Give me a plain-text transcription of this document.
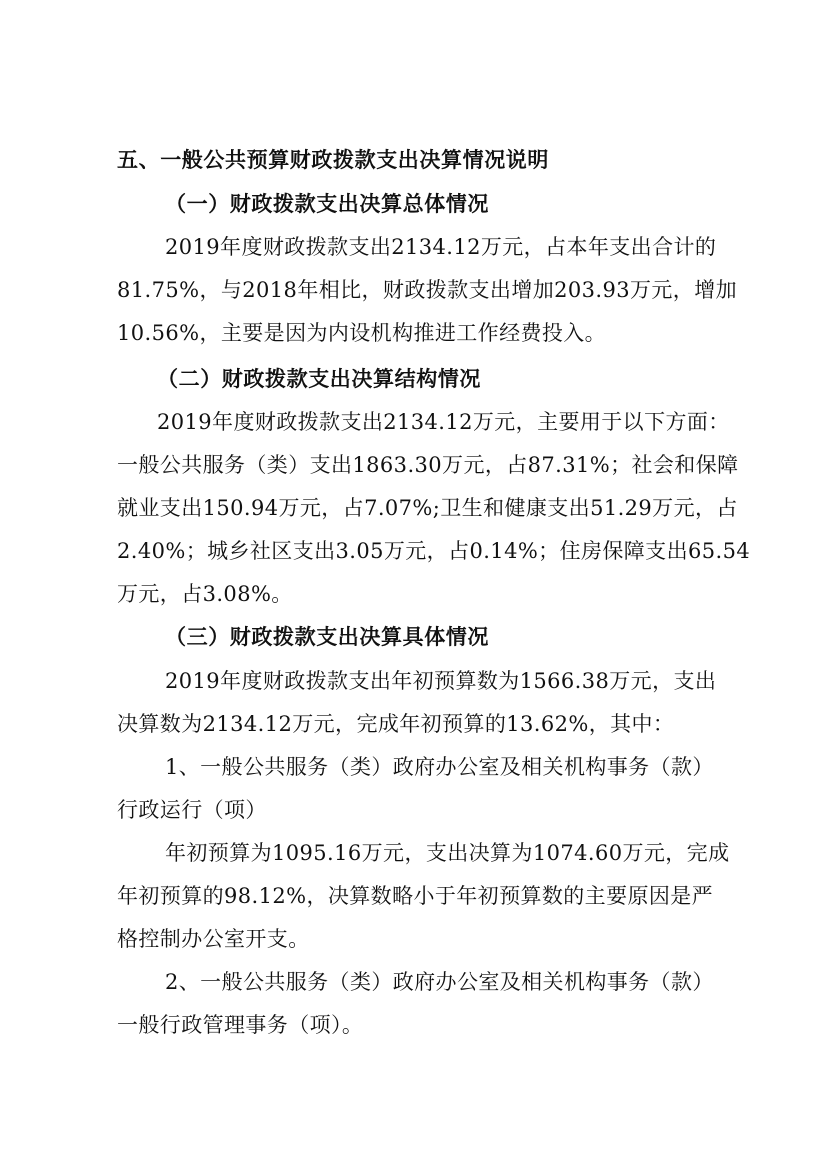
五、一般公共预算财政拨款支出决算情况说明
（一）财政拨款支出决算总体情况
2019年度财政拨款支出2134.12万元，占本年支出合计的
81.75%，与2018年相比，财政拨款支出增加203.93万元，增加
10.56%，主要是因为内设机构推进工作经费投入。
（二）财政拨款支出决算结构情况
2019年度财政拨款支出2134.12万元，主要用于以下方面：
一般公共服务（类）支出1863.30万元，占87.31%；社会和保障
就业支出150.94万元，占7.07%;卫生和健康支出51.29万元，占
2.40%；城乡社区支出3.05万元，占0.14%；住房保障支出65.54
万元，占3.08%。
（三）财政拨款支出决算具体情况
2019年度财政拨款支出年初预算数为1566.38万元，支出
决算数为2134.12万元，完成年初预算的13.62%，其中：
1、一般公共服务（类）政府办公室及相关机构事务（款）
行政运行（项）
年初预算为1095.16万元，支出决算为1074.60万元，完成
年初预算的98.12%，决算数略小于年初预算数的主要原因是严
格控制办公室开支。
2、一般公共服务（类）政府办公室及相关机构事务（款）
一般行政管理事务（项）。
